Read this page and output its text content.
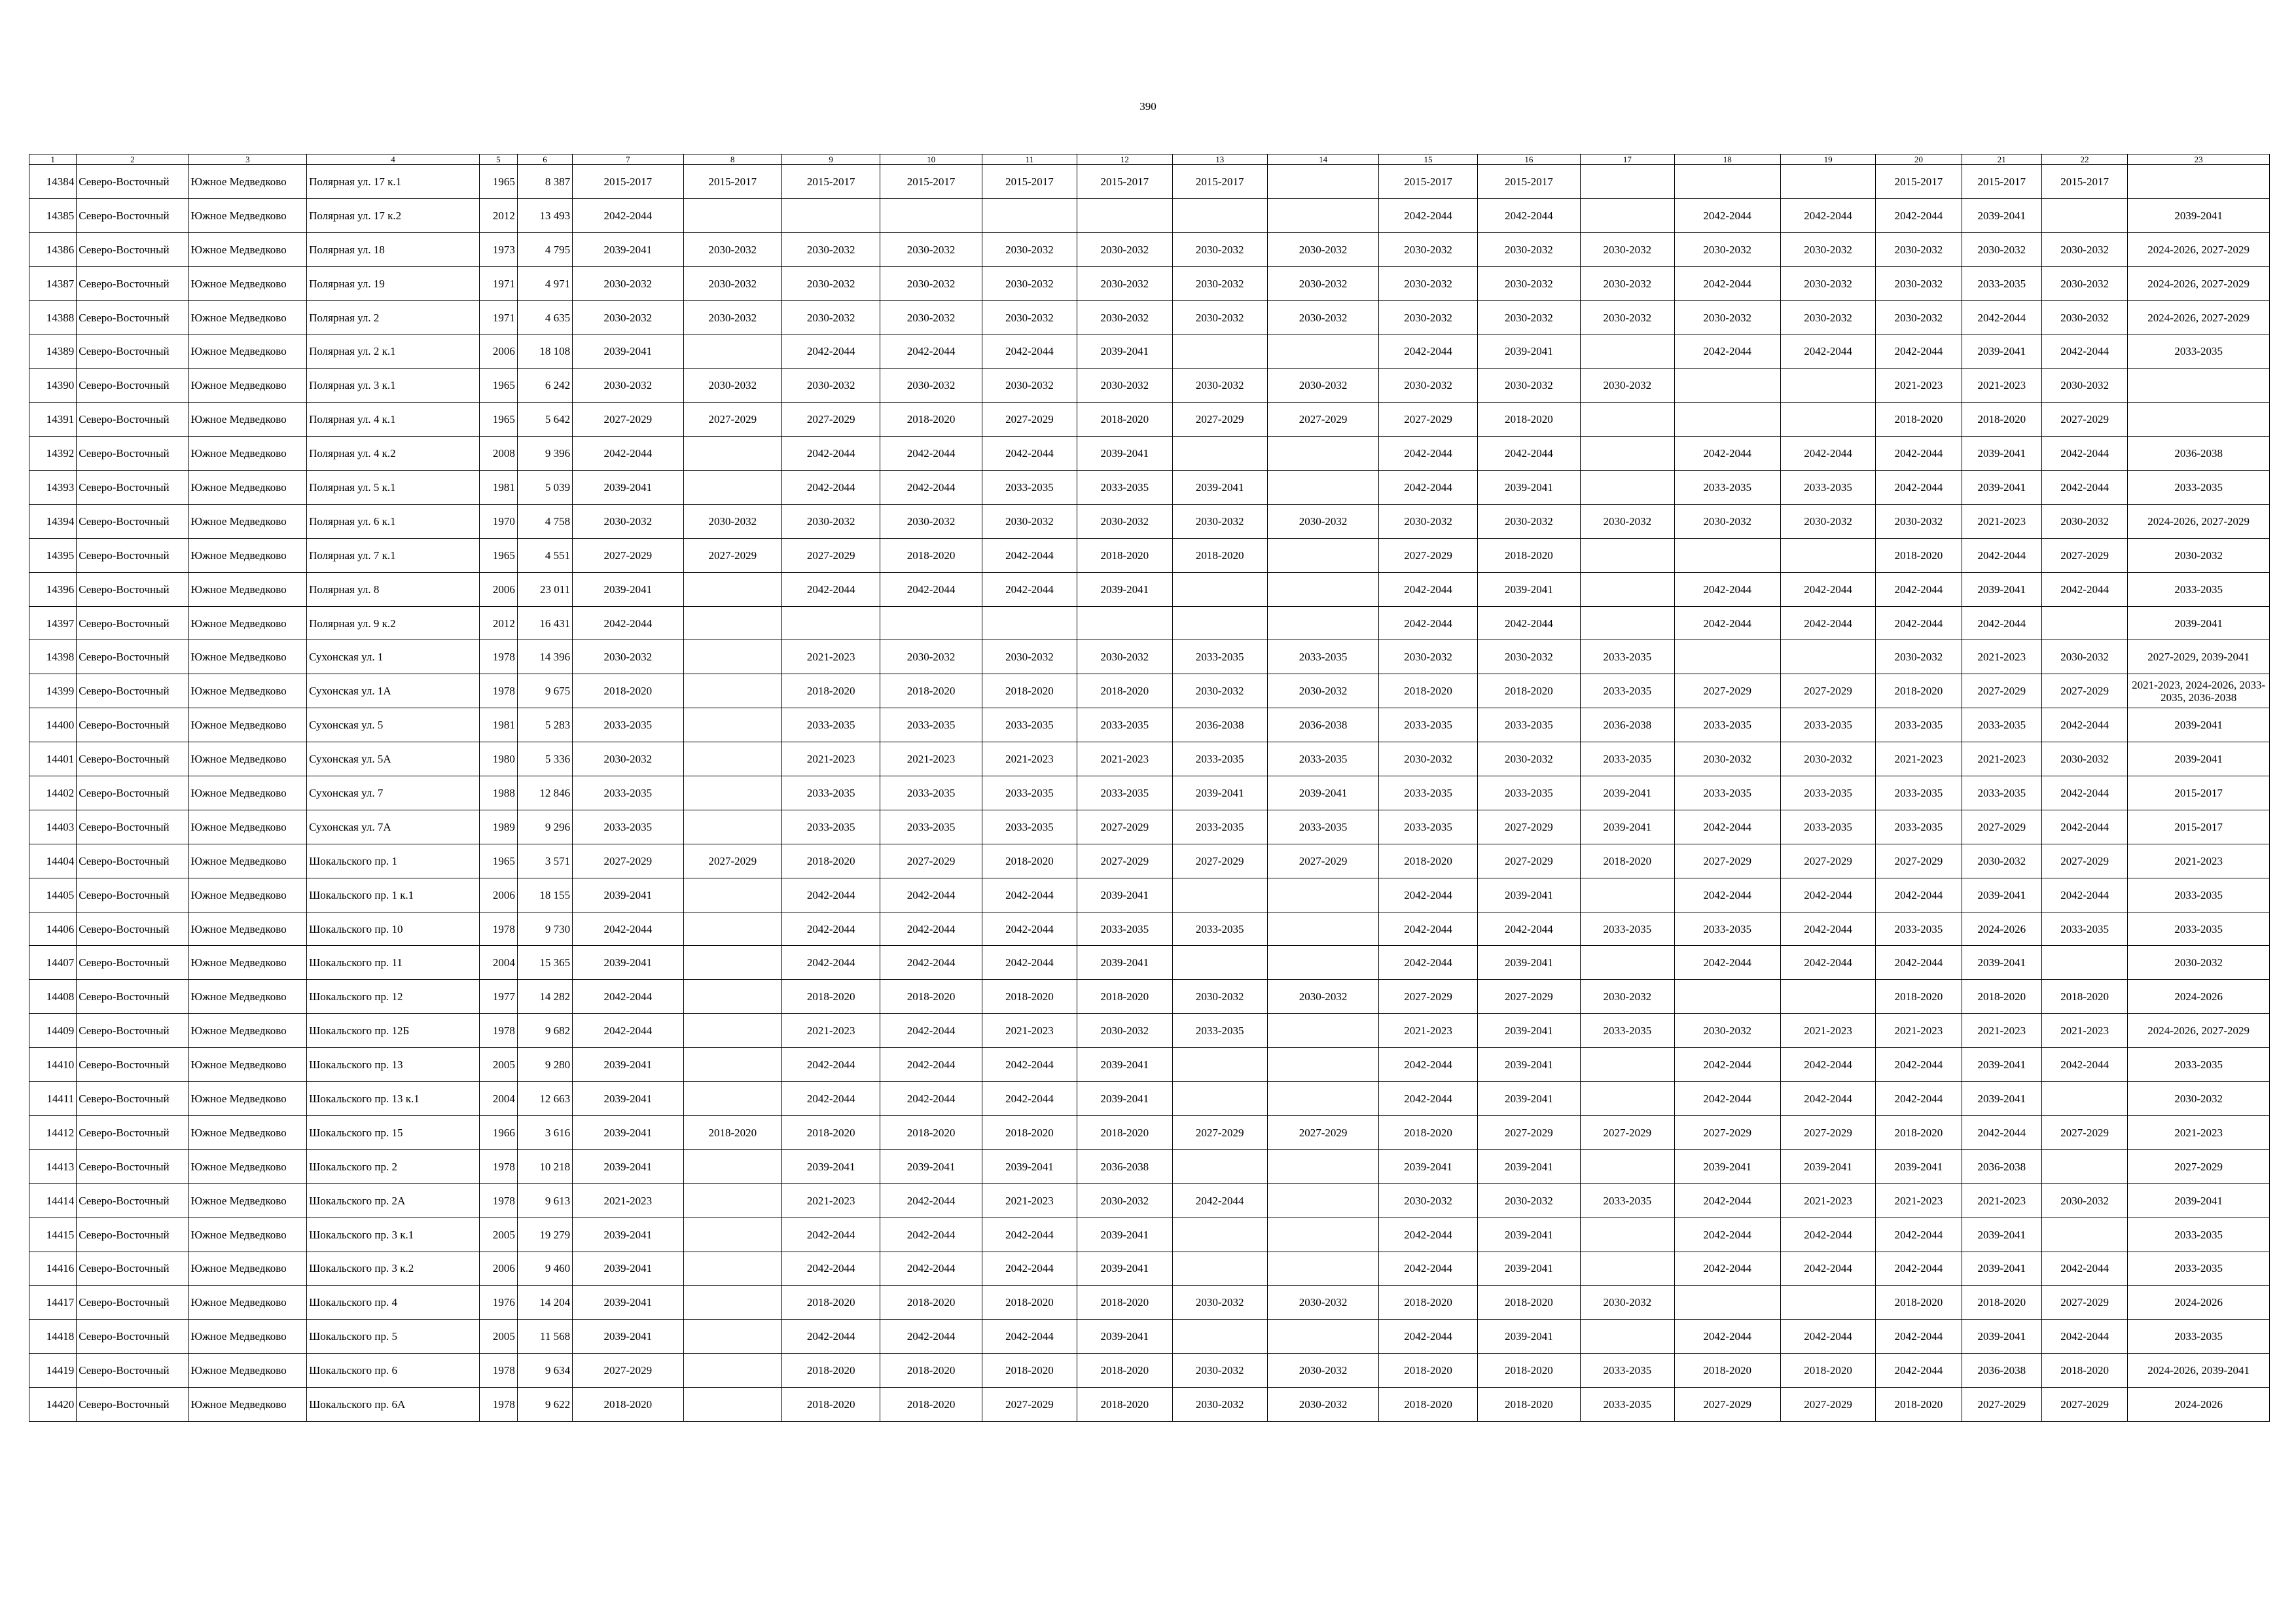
390
1	2	3	4	5	6	7	8	9	10	11	12	13	14	15	16	17	18	19	20	21	22	23
14384	Северо-Восточный	Южное Медведково	Полярная ул. 17 к.1	1965	8 387	2015-2017	2015-2017	2015-2017	2015-2017	2015-2017	2015-2017	2015-2017		2015-2017	2015-2017				2015-2017	2015-2017	2015-2017	
14385	Северо-Восточный	Южное Медведково	Полярная ул. 17 к.2	2012	13 493	2042-2044								2042-2044	2042-2044		2042-2044	2042-2044	2042-2044	2039-2041		2039-2041
14386	Северо-Восточный	Южное Медведково	Полярная ул. 18	1973	4 795	2039-2041	2030-2032	2030-2032	2030-2032	2030-2032	2030-2032	2030-2032	2030-2032	2030-2032	2030-2032	2030-2032	2030-2032	2030-2032	2030-2032	2030-2032	2030-2032	2024-2026, 2027-2029
14387	Северо-Восточный	Южное Медведково	Полярная ул. 19	1971	4 971	2030-2032	2030-2032	2030-2032	2030-2032	2030-2032	2030-2032	2030-2032	2030-2032	2030-2032	2030-2032	2030-2032	2042-2044	2030-2032	2030-2032	2033-2035	2030-2032	2024-2026, 2027-2029
14388	Северо-Восточный	Южное Медведково	Полярная ул. 2	1971	4 635	2030-2032	2030-2032	2030-2032	2030-2032	2030-2032	2030-2032	2030-2032	2030-2032	2030-2032	2030-2032	2030-2032	2030-2032	2030-2032	2030-2032	2042-2044	2030-2032	2024-2026, 2027-2029
14389	Северо-Восточный	Южное Медведково	Полярная ул. 2 к.1	2006	18 108	2039-2041		2042-2044	2042-2044	2042-2044	2039-2041			2042-2044	2039-2041		2042-2044	2042-2044	2042-2044	2039-2041	2042-2044	2033-2035
14390	Северо-Восточный	Южное Медведково	Полярная ул. 3 к.1	1965	6 242	2030-2032	2030-2032	2030-2032	2030-2032	2030-2032	2030-2032	2030-2032	2030-2032	2030-2032	2030-2032	2030-2032			2021-2023	2021-2023	2030-2032	
14391	Северо-Восточный	Южное Медведково	Полярная ул. 4 к.1	1965	5 642	2027-2029	2027-2029	2027-2029	2018-2020	2027-2029	2018-2020	2027-2029	2027-2029	2027-2029	2018-2020				2018-2020	2018-2020	2027-2029	
14392	Северо-Восточный	Южное Медведково	Полярная ул. 4 к.2	2008	9 396	2042-2044		2042-2044	2042-2044	2042-2044	2039-2041			2042-2044	2042-2044		2042-2044	2042-2044	2042-2044	2039-2041	2042-2044	2036-2038
14393	Северо-Восточный	Южное Медведково	Полярная ул. 5 к.1	1981	5 039	2039-2041		2042-2044	2042-2044	2033-2035	2033-2035	2039-2041		2042-2044	2039-2041		2033-2035	2033-2035	2042-2044	2039-2041	2042-2044	2033-2035
14394	Северо-Восточный	Южное Медведково	Полярная ул. 6 к.1	1970	4 758	2030-2032	2030-2032	2030-2032	2030-2032	2030-2032	2030-2032	2030-2032	2030-2032	2030-2032	2030-2032	2030-2032	2030-2032	2030-2032	2030-2032	2021-2023	2030-2032	2024-2026, 2027-2029
14395	Северо-Восточный	Южное Медведково	Полярная ул. 7 к.1	1965	4 551	2027-2029	2027-2029	2027-2029	2018-2020	2042-2044	2018-2020	2018-2020		2027-2029	2018-2020				2018-2020	2042-2044	2027-2029	2030-2032
14396	Северо-Восточный	Южное Медведково	Полярная ул. 8	2006	23 011	2039-2041		2042-2044	2042-2044	2042-2044	2039-2041			2042-2044	2039-2041		2042-2044	2042-2044	2042-2044	2039-2041	2042-2044	2033-2035
14397	Северо-Восточный	Южное Медведково	Полярная ул. 9 к.2	2012	16 431	2042-2044								2042-2044	2042-2044		2042-2044	2042-2044	2042-2044	2042-2044		2039-2041
14398	Северо-Восточный	Южное Медведково	Сухонская ул. 1	1978	14 396	2030-2032		2021-2023	2030-2032	2030-2032	2030-2032	2033-2035	2033-2035	2030-2032	2030-2032	2033-2035			2030-2032	2021-2023	2030-2032	2027-2029, 2039-2041
14399	Северо-Восточный	Южное Медведково	Сухонская ул. 1А	1978	9 675	2018-2020		2018-2020	2018-2020	2018-2020	2018-2020	2030-2032	2030-2032	2018-2020	2018-2020	2033-2035	2027-2029	2027-2029	2018-2020	2027-2029	2027-2029	2021-2023, 2024-2026, 2033-2035, 2036-2038
14400	Северо-Восточный	Южное Медведково	Сухонская ул. 5	1981	5 283	2033-2035		2033-2035	2033-2035	2033-2035	2033-2035	2036-2038	2036-2038	2033-2035	2033-2035	2036-2038	2033-2035	2033-2035	2033-2035	2033-2035	2042-2044	2039-2041
14401	Северо-Восточный	Южное Медведково	Сухонская ул. 5А	1980	5 336	2030-2032		2021-2023	2021-2023	2021-2023	2021-2023	2033-2035	2033-2035	2030-2032	2030-2032	2033-2035	2030-2032	2030-2032	2021-2023	2021-2023	2030-2032	2039-2041
14402	Северо-Восточный	Южное Медведково	Сухонская ул. 7	1988	12 846	2033-2035		2033-2035	2033-2035	2033-2035	2033-2035	2039-2041	2039-2041	2033-2035	2033-2035	2039-2041	2033-2035	2033-2035	2033-2035	2033-2035	2042-2044	2015-2017
14403	Северо-Восточный	Южное Медведково	Сухонская ул. 7А	1989	9 296	2033-2035		2033-2035	2033-2035	2033-2035	2027-2029	2033-2035	2033-2035	2033-2035	2027-2029	2039-2041	2042-2044	2033-2035	2033-2035	2027-2029	2042-2044	2015-2017
14404	Северо-Восточный	Южное Медведково	Шокальского пр. 1	1965	3 571	2027-2029	2027-2029	2018-2020	2027-2029	2018-2020	2027-2029	2027-2029	2027-2029	2018-2020	2027-2029	2018-2020	2027-2029	2027-2029	2027-2029	2030-2032	2027-2029	2021-2023
14405	Северо-Восточный	Южное Медведково	Шокальского пр. 1 к.1	2006	18 155	2039-2041		2042-2044	2042-2044	2042-2044	2039-2041			2042-2044	2039-2041		2042-2044	2042-2044	2042-2044	2039-2041	2042-2044	2033-2035
14406	Северо-Восточный	Южное Медведково	Шокальского пр. 10	1978	9 730	2042-2044		2042-2044	2042-2044	2042-2044	2033-2035	2033-2035		2042-2044	2042-2044	2033-2035	2033-2035	2042-2044	2033-2035	2024-2026	2033-2035	2033-2035
14407	Северо-Восточный	Южное Медведково	Шокальского пр. 11	2004	15 365	2039-2041		2042-2044	2042-2044	2042-2044	2039-2041			2042-2044	2039-2041		2042-2044	2042-2044	2042-2044	2039-2041		2030-2032
14408	Северо-Восточный	Южное Медведково	Шокальского пр. 12	1977	14 282	2042-2044		2018-2020	2018-2020	2018-2020	2018-2020	2030-2032	2030-2032	2027-2029	2027-2029	2030-2032			2018-2020	2018-2020	2018-2020	2024-2026
14409	Северо-Восточный	Южное Медведково	Шокальского пр. 12Б	1978	9 682	2042-2044		2021-2023	2042-2044	2021-2023	2030-2032	2033-2035		2021-2023	2039-2041	2033-2035	2030-2032	2021-2023	2021-2023	2021-2023	2021-2023	2024-2026, 2027-2029
14410	Северо-Восточный	Южное Медведково	Шокальского пр. 13	2005	9 280	2039-2041		2042-2044	2042-2044	2042-2044	2039-2041			2042-2044	2039-2041		2042-2044	2042-2044	2042-2044	2039-2041	2042-2044	2033-2035
14411	Северо-Восточный	Южное Медведково	Шокальского пр. 13 к.1	2004	12 663	2039-2041		2042-2044	2042-2044	2042-2044	2039-2041			2042-2044	2039-2041		2042-2044	2042-2044	2042-2044	2039-2041		2030-2032
14412	Северо-Восточный	Южное Медведково	Шокальского пр. 15	1966	3 616	2039-2041	2018-2020	2018-2020	2018-2020	2018-2020	2018-2020	2027-2029	2027-2029	2018-2020	2027-2029	2027-2029	2027-2029	2027-2029	2018-2020	2042-2044	2027-2029	2021-2023
14413	Северо-Восточный	Южное Медведково	Шокальского пр. 2	1978	10 218	2039-2041		2039-2041	2039-2041	2039-2041	2036-2038			2039-2041	2039-2041		2039-2041	2039-2041	2039-2041	2036-2038		2027-2029
14414	Северо-Восточный	Южное Медведково	Шокальского пр. 2А	1978	9 613	2021-2023		2021-2023	2042-2044	2021-2023	2030-2032	2042-2044		2030-2032	2030-2032	2033-2035	2042-2044	2021-2023	2021-2023	2021-2023	2030-2032	2039-2041
14415	Северо-Восточный	Южное Медведково	Шокальского пр. 3 к.1	2005	19 279	2039-2041		2042-2044	2042-2044	2042-2044	2039-2041			2042-2044	2039-2041		2042-2044	2042-2044	2042-2044	2039-2041		2033-2035
14416	Северо-Восточный	Южное Медведково	Шокальского пр. 3 к.2	2006	9 460	2039-2041		2042-2044	2042-2044	2042-2044	2039-2041			2042-2044	2039-2041		2042-2044	2042-2044	2042-2044	2039-2041	2042-2044	2033-2035
14417	Северо-Восточный	Южное Медведково	Шокальского пр. 4	1976	14 204	2039-2041		2018-2020	2018-2020	2018-2020	2018-2020	2030-2032	2030-2032	2018-2020	2018-2020	2030-2032			2018-2020	2018-2020	2027-2029	2024-2026
14418	Северо-Восточный	Южное Медведково	Шокальского пр. 5	2005	11 568	2039-2041		2042-2044	2042-2044	2042-2044	2039-2041			2042-2044	2039-2041		2042-2044	2042-2044	2042-2044	2039-2041	2042-2044	2033-2035
14419	Северо-Восточный	Южное Медведково	Шокальского пр. 6	1978	9 634	2027-2029		2018-2020	2018-2020	2018-2020	2018-2020	2030-2032	2030-2032	2018-2020	2018-2020	2033-2035	2018-2020	2018-2020	2042-2044	2036-2038	2018-2020	2024-2026, 2039-2041
14420	Северо-Восточный	Южное Медведково	Шокальского пр. 6А	1978	9 622	2018-2020		2018-2020	2018-2020	2027-2029	2018-2020	2030-2032	2030-2032	2018-2020	2018-2020	2033-2035	2027-2029	2027-2029	2018-2020	2027-2029	2027-2029	2024-2026
